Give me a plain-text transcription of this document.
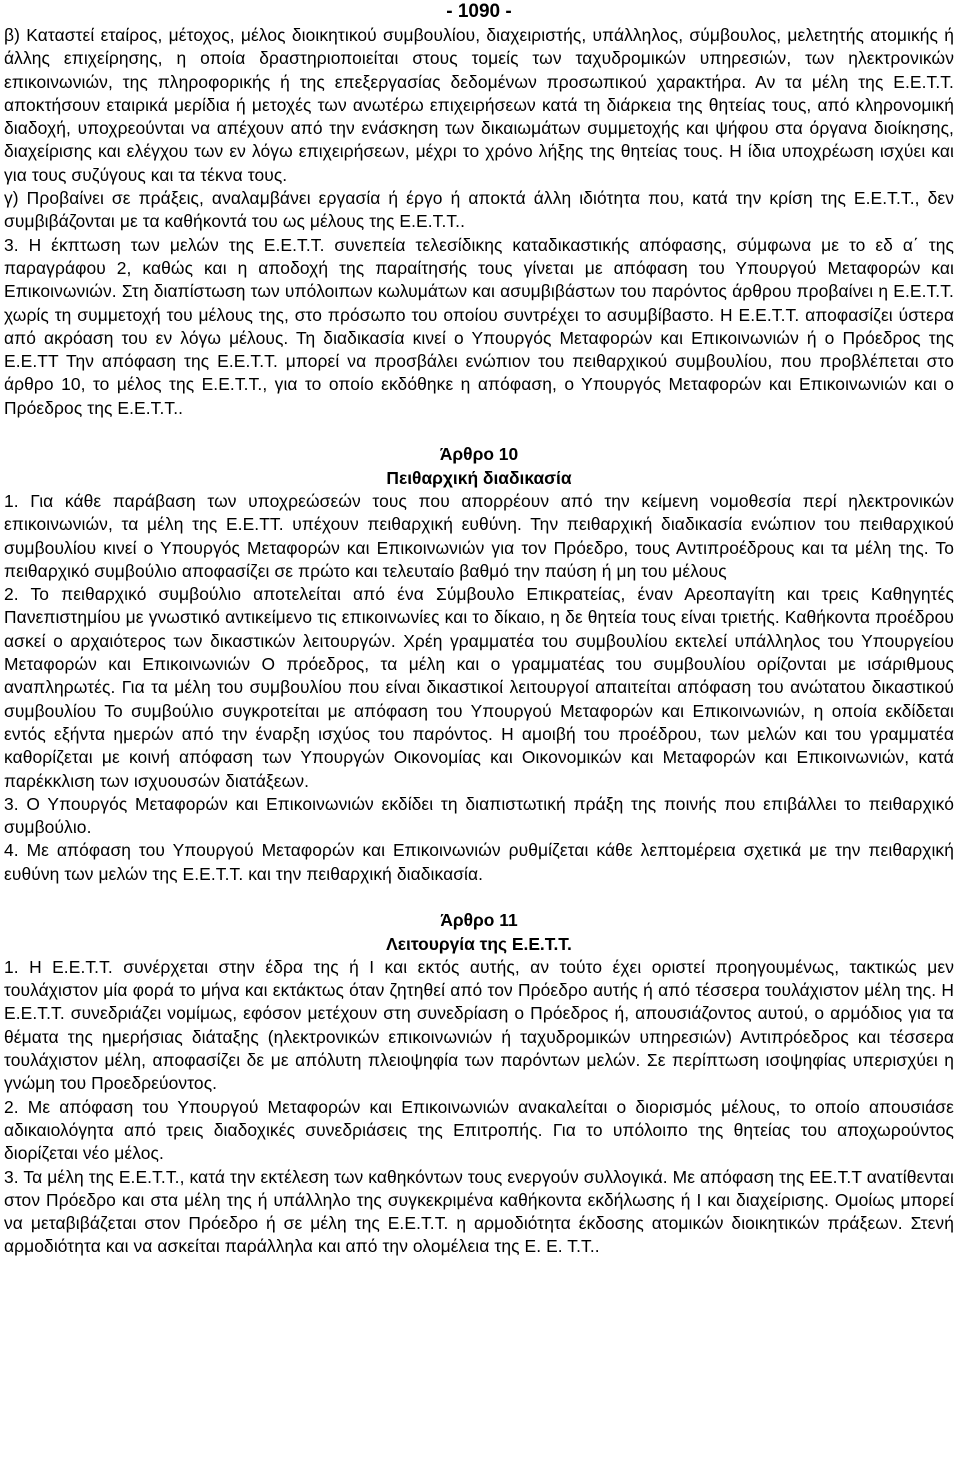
- 1090 -

β) Καταστεί εταίρος, μέτοχος, μέλος διοικητικού συμβουλίου, διαχειριστής, υπάλληλος, σύμβουλος, μελετητής ατομικής ή άλλης επιχείρησης, η οποία δραστηριοποιείται στους τομείς των ταχυδρομικών υπηρεσιών, των ηλεκτρονικών επικοινωνιών, της πληροφορικής ή της επεξεργασίας δεδομένων προσωπικού χαρακτήρα. Αν τα μέλη της Ε.Ε.Τ.Τ. αποκτήσουν εταιρικά μερίδια ή μετοχές των ανωτέρω επιχειρήσεων κατά τη διάρκεια της θητείας τους, από κληρονομική διαδοχή, υποχρεούνται να απέχουν από την ενάσκηση των δικαιωμάτων συμμετοχής και ψήφου στα όργανα διοίκησης, διαχείρισης και ελέγχου των εν λόγω επιχειρήσεων, μέχρι το χρόνο λήξης της θητείας τους. Η ίδια υποχρέωση ισχύει και για τους συζύγους και τα τέκνα τους.

γ) Προβαίνει σε πράξεις, αναλαμβάνει εργασία ή έργο ή αποκτά άλλη ιδιότητα που, κατά την κρίση της Ε.Ε.Τ.Τ., δεν συμβιβάζονται με τα καθήκοντά του ως μέλους της Ε.Ε.Τ.Τ..

3. Η έκπτωση των μελών της Ε.Ε.Τ.Τ. συνεπεία τελεσίδικης καταδικαστικής απόφασης, σύμφωνα με το εδ α΄ της παραγράφου 2, καθώς και η αποδοχή της παραίτησής τους γίνεται με απόφαση του Υπουργού Μεταφορών και Επικοινωνιών. Στη διαπίστωση των υπόλοιπων κωλυμάτων και ασυμβιβάστων του παρόντος άρθρου προβαίνει η Ε.Ε.Τ.Τ. χωρίς τη συμμετοχή του μέλους της, στο πρόσωπο του οποίου συντρέχει το ασυμβίβαστο. Η Ε.Ε.Τ.Τ. αποφασίζει ύστερα από ακρόαση του εν λόγω μέλους. Τη διαδικασία κινεί ο Υπουργός Μεταφορών και Επικοινωνιών ή ο Πρόεδρος της Ε.Ε.ΤΤ Την απόφαση της Ε.Ε.Τ.Τ. μπορεί να προσβάλει ενώπιον του πειθαρχικού συμβουλίου, που προβλέπεται στο άρθρο 10, το μέλος της Ε.Ε.Τ.Τ., για το οποίο εκδόθηκε η απόφαση, ο Υπουργός Μεταφορών και Επικοινωνιών και ο Πρόεδρος της Ε.Ε.Τ.Τ..

Άρθρο 10

Πειθαρχική διαδικασία

1. Για κάθε παράβαση των υποχρεώσεών τους που απορρέουν από την κείμενη νομοθεσία περί ηλεκτρονικών επικοινωνιών, τα μέλη της Ε.Ε.ΤΤ. υπέχουν πειθαρχική ευθύνη. Την πειθαρχική διαδικασία ενώπιον του πειθαρχικού συμβουλίου κινεί ο Υπουργός Μεταφορών και Επικοινωνιών για τον Πρόεδρο, τους Αντιπροέδρους και τα μέλη της. Το πειθαρχικό συμβούλιο αποφασίζει σε πρώτο και τελευταίο βαθμό την παύση ή μη του μέλους

2. Το πειθαρχικό συμβούλιο αποτελείται από ένα Σύμβουλο Επικρατείας, έναν Αρεοπαγίτη και τρεις Καθηγητές Πανεπιστημίου με γνωστικό αντικείμενο τις επικοινωνίες και το δίκαιο, η δε θητεία τους είναι τριετής. Καθήκοντα προέδρου ασκεί ο αρχαιότερος των δικαστικών λειτουργών. Χρέη γραμματέα του συμβουλίου εκτελεί υπάλληλος του Υπουργείου Μεταφορών και Επικοινωνιών Ο πρόεδρος, τα μέλη και ο γραμματέας του συμβουλίου ορίζονται με ισάριθμους αναπληρωτές. Για τα μέλη του συμβουλίου που είναι δικαστικοί λειτουργοί απαιτείται απόφαση του ανώτατου δικαστικού συμβουλίου Το συμβούλιο συγκροτείται με απόφαση του Υπουργού Μεταφορών και Επικοινωνιών, η οποία εκδίδεται εντός εξήντα ημερών από την έναρξη ισχύος του παρόντος. Η αμοιβή του προέδρου, των μελών και του γραμματέα καθορίζεται με κοινή απόφαση των Υπουργών Οικονομίας και Οικονομικών και Μεταφορών και Επικοινωνιών, κατά παρέκκλιση των ισχυουσών διατάξεων.

3. Ο Υπουργός Μεταφορών και Επικοινωνιών εκδίδει τη διαπιστωτική πράξη της ποινής που επιβάλλει το πειθαρχικό συμβούλιο.

4. Με απόφαση του Υπουργού Μεταφορών και Επικοινωνιών ρυθμίζεται κάθε λεπτομέρεια σχετικά με την πειθαρχική ευθύνη των μελών της Ε.Ε.Τ.Τ. και την πειθαρχική διαδικασία.

Άρθρο 11

Λειτουργία της Ε.Ε.Τ.Τ.

1. Η Ε.Ε.Τ.Τ. συνέρχεται στην έδρα της ή Ι και εκτός αυτής, αν τούτο έχει οριστεί προηγουμένως, τακτικώς μεν τουλάχιστον μία φορά το μήνα και εκτάκτως όταν ζητηθεί από τον Πρόεδρο αυτής ή από τέσσερα τουλάχιστον μέλη της. Η Ε.Ε.Τ.Τ. συνεδριάζει νομίμως, εφόσον μετέχουν στη συνεδρίαση ο Πρόεδρος ή, απουσιάζοντος αυτού, ο αρμόδιος για τα θέματα της ημερήσιας διάταξης (ηλεκτρονικών επικοινωνιών ή ταχυδρομικών υπηρεσιών) Αντιπρόεδρος και τέσσερα τουλάχιστον μέλη, αποφασίζει δε με απόλυτη πλειοψηφία των παρόντων μελών. Σε περίπτωση ισοψηφίας υπερισχύει η γνώμη του Προεδρεύοντος.

2. Με απόφαση του Υπουργού Μεταφορών και Επικοινωνιών ανακαλείται ο διορισμός μέλους, το οποίο απουσιάσε αδικαιολόγητα από τρεις διαδοχικές συνεδριάσεις της Επιτροπής. Για το υπόλοιπο της θητείας του αποχωρούντος διορίζεται νέο μέλος.

3. Τα μέλη της Ε.Ε.Τ.Τ., κατά την εκτέλεση των καθηκόντων τους ενεργούν συλλογικά. Με απόφαση της ΕΕ.Τ.Τ ανατίθενται στον Πρόεδρο και στα μέλη της ή υπάλληλο της συγκεκριμένα καθήκοντα εκδήλωσης ή Ι και διαχείρισης. Ομοίως μπορεί να μεταβιβάζεται στον Πρόεδρο ή σε μέλη της Ε.Ε.Τ.Τ. η αρμοδιότητα έκδοσης ατομικών διοικητικών πράξεων. Στενή αρμοδιότητα και να ασκείται παράλληλα και από την ολομέλεια της Ε. Ε. Τ.Τ..
